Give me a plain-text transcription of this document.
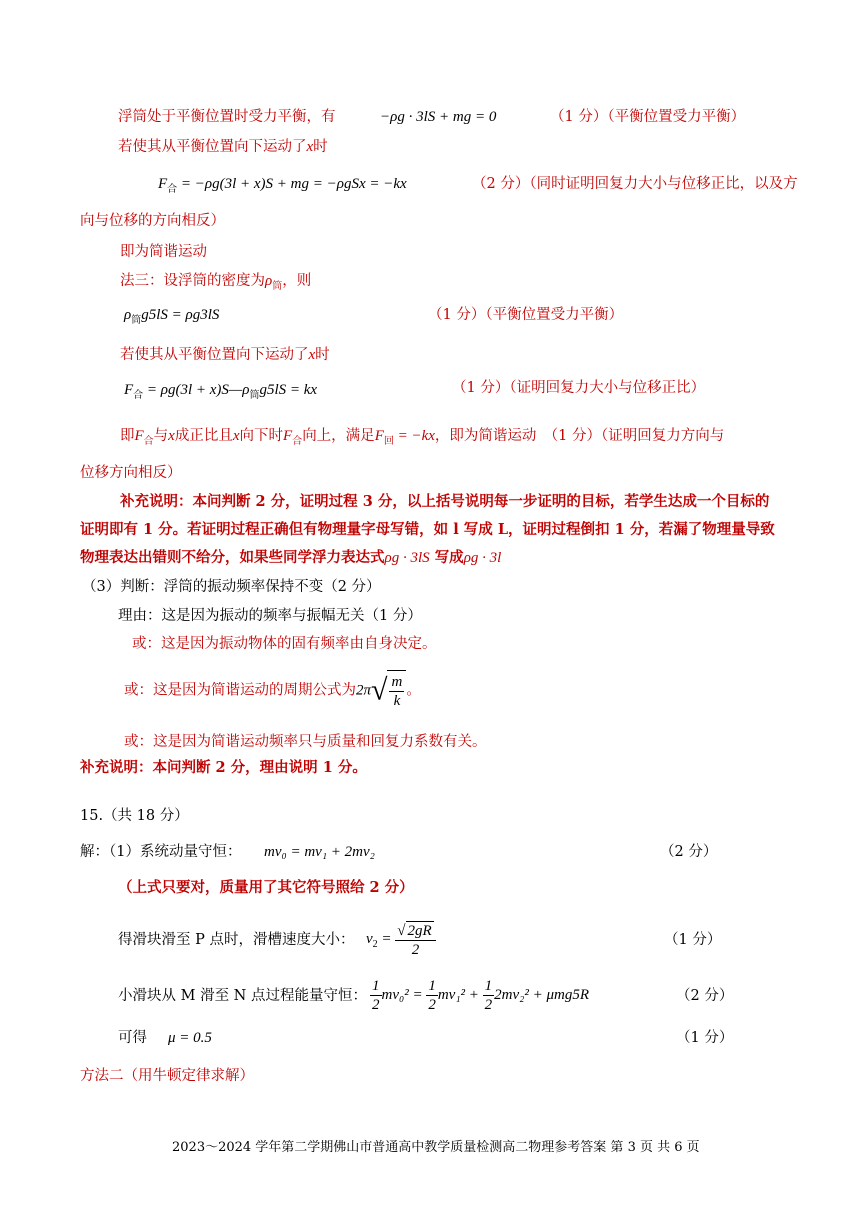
浮筒处于平衡位置时受力平衡，有	−ρg · 3lS + mg = 0	（1 分）（平衡位置受力平衡）
若使其从平衡位置向下运动了x时
$F_合 = -\rho g(3l + x)S$ + mg = −ρgSx = −kx	（2 分）（同时证明回复力大小与位移正比，以及方
向与位移的方向相反）
即为简谐运动
法三：设浮筒的密度为$\rho_筒$，则
$\rho_筒g5lS = \rho g3lS$	（1 分）（平衡位置受力平衡）
若使其从平衡位置向下运动了x时
$F_合 = \rho g(3l$ + $x)S—\rho_筒g5lS$ = kx	（1 分）（证明回复力大小与位移正比）
即$F_合$与x成正比且x向下时$F_合$向上，满足$F_回 = -kx$，即为简谐运动　（1 分）（证明回复力方向与
位移方向相反）
补充说明：本问判断 2 分，证明过程 3 分，以上括号说明每一步证明的目标，若学生达成一个目标的
证明即有 1 分。若证明过程正确但有物理量字母写错，如 l 写成 L，证明过程倒扣 1 分，若漏了物理量导致
物理表达出错则不给分，如果些同学浮力表达式ρg · 3lS 写成ρg · 3l
（3）判断：浮筒的振动频率保持不变（2 分）
理由：这是因为振动的频率与振幅无关（1 分）
或：这是因为振动物体的固有频率由自身决定。
或：这是因为简谐运动的周期公式为$2\pi√ \frac{m}{k}$ 。
或：这是因为简谐运动频率只与质量和回复力系数有关。
补充说明：本问判断 2 分，理由说明 1 分。
15.（共 18 分）
解：（1）系统动量守恒： mv₀ = mv₁ + 2mv₂	（2 分）
（上式只要对，质量用了其它符号照给 2 分）
得滑块滑至 P 点时，滑槽速度大小： $v_2 = \frac{√ 2gR}{2}$	（1 分）
小滑块从 M 滑至 N 点过程能量守恒： $\frac{1}{2} mv_0^2 = \frac{1}{2} mv_1^2 + \frac{1}{2} 2mv_2^2 + \mu mg5R$	（2 分）
可得 μ = 0.5	（1 分）
方法二（用牛顿定律求解）
2023～2024 学年第二学期佛山市普通高中教学质量检测高二物理参考答案 第 3 页 共 6 页
